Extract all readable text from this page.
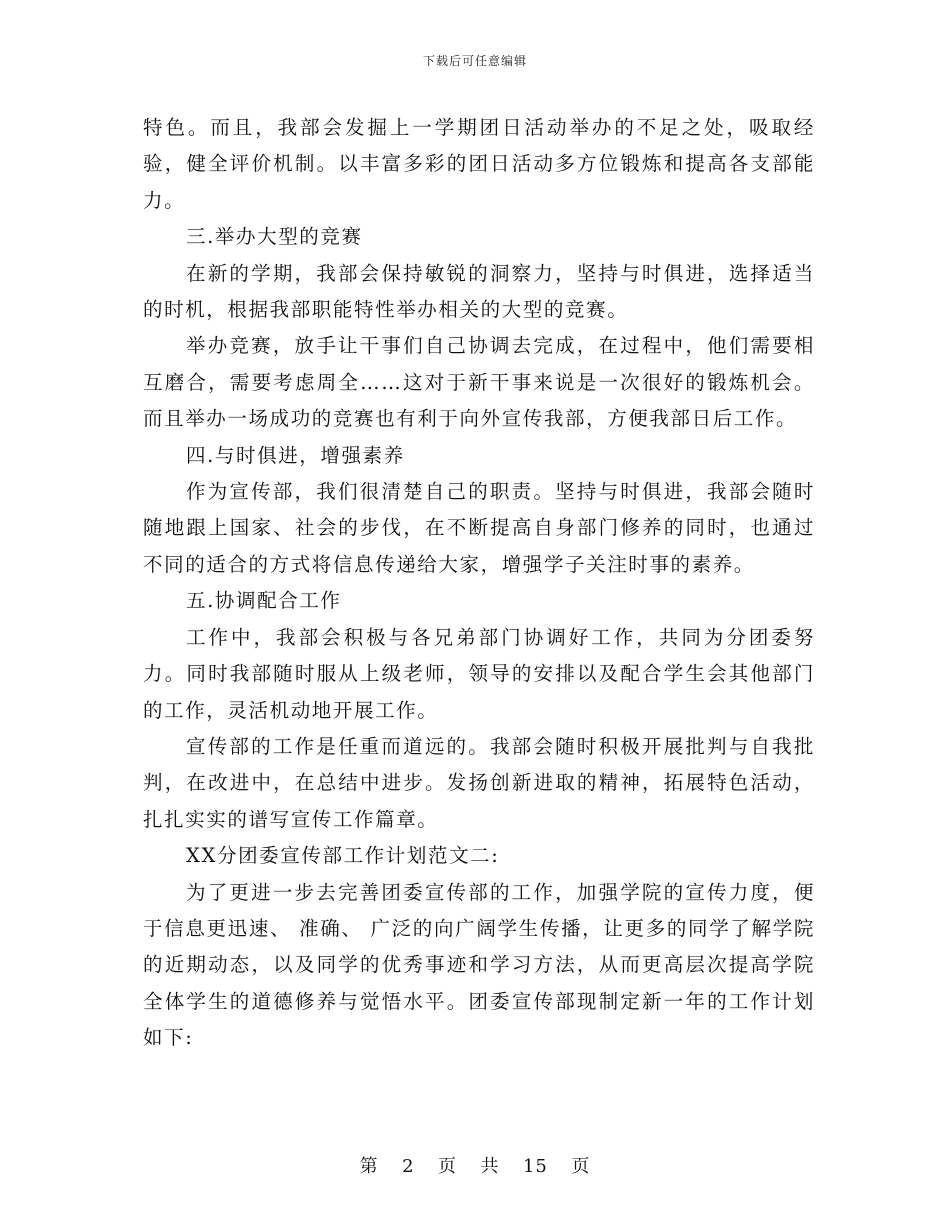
下载后可任意编辑

特色。而且，我部会发掘上一学期团日活动举办的不足之处，吸取经验，健全评价机制。以丰富多彩的团日活动多方位锻炼和提高各支部能力。

三.举办大型的竞赛

在新的学期，我部会保持敏锐的洞察力，坚持与时俱进，选择适当的时机，根据我部职能特性举办相关的大型的竞赛。

举办竞赛，放手让干事们自己协调去完成，在过程中，他们需要相互磨合，需要考虑周全……这对于新干事来说是一次很好的锻炼机会。而且举办一场成功的竞赛也有利于向外宣传我部，方便我部日后工作。

四.与时俱进，增强素养

作为宣传部，我们很清楚自己的职责。坚持与时俱进，我部会随时随地跟上国家、社会的步伐，在不断提高自身部门修养的同时，也通过不同的适合的方式将信息传递给大家，增强学子关注时事的素养。

五.协调配合工作

工作中，我部会积极与各兄弟部门协调好工作，共同为分团委努力。同时我部随时服从上级老师，领导的安排以及配合学生会其他部门的工作，灵活机动地开展工作。

宣传部的工作是任重而道远的。我部会随时积极开展批判与自我批判，在改进中，在总结中进步。发扬创新进取的精神，拓展特色活动，扎扎实实的谱写宣传工作篇章。

XX分团委宣传部工作计划范文二:

为了更进一步去完善团委宣传部的工作，加强学院的宣传力度，便于信息更迅速、 准确、 广泛的向广阔学生传播，让更多的同学了解学院的近期动态，以及同学的优秀事迹和学习方法，从而更高层次提高学院全体学生的道德修养与觉悟水平。团委宣传部现制定新一年的工作计划如下:

第 2 页 共 15 页
